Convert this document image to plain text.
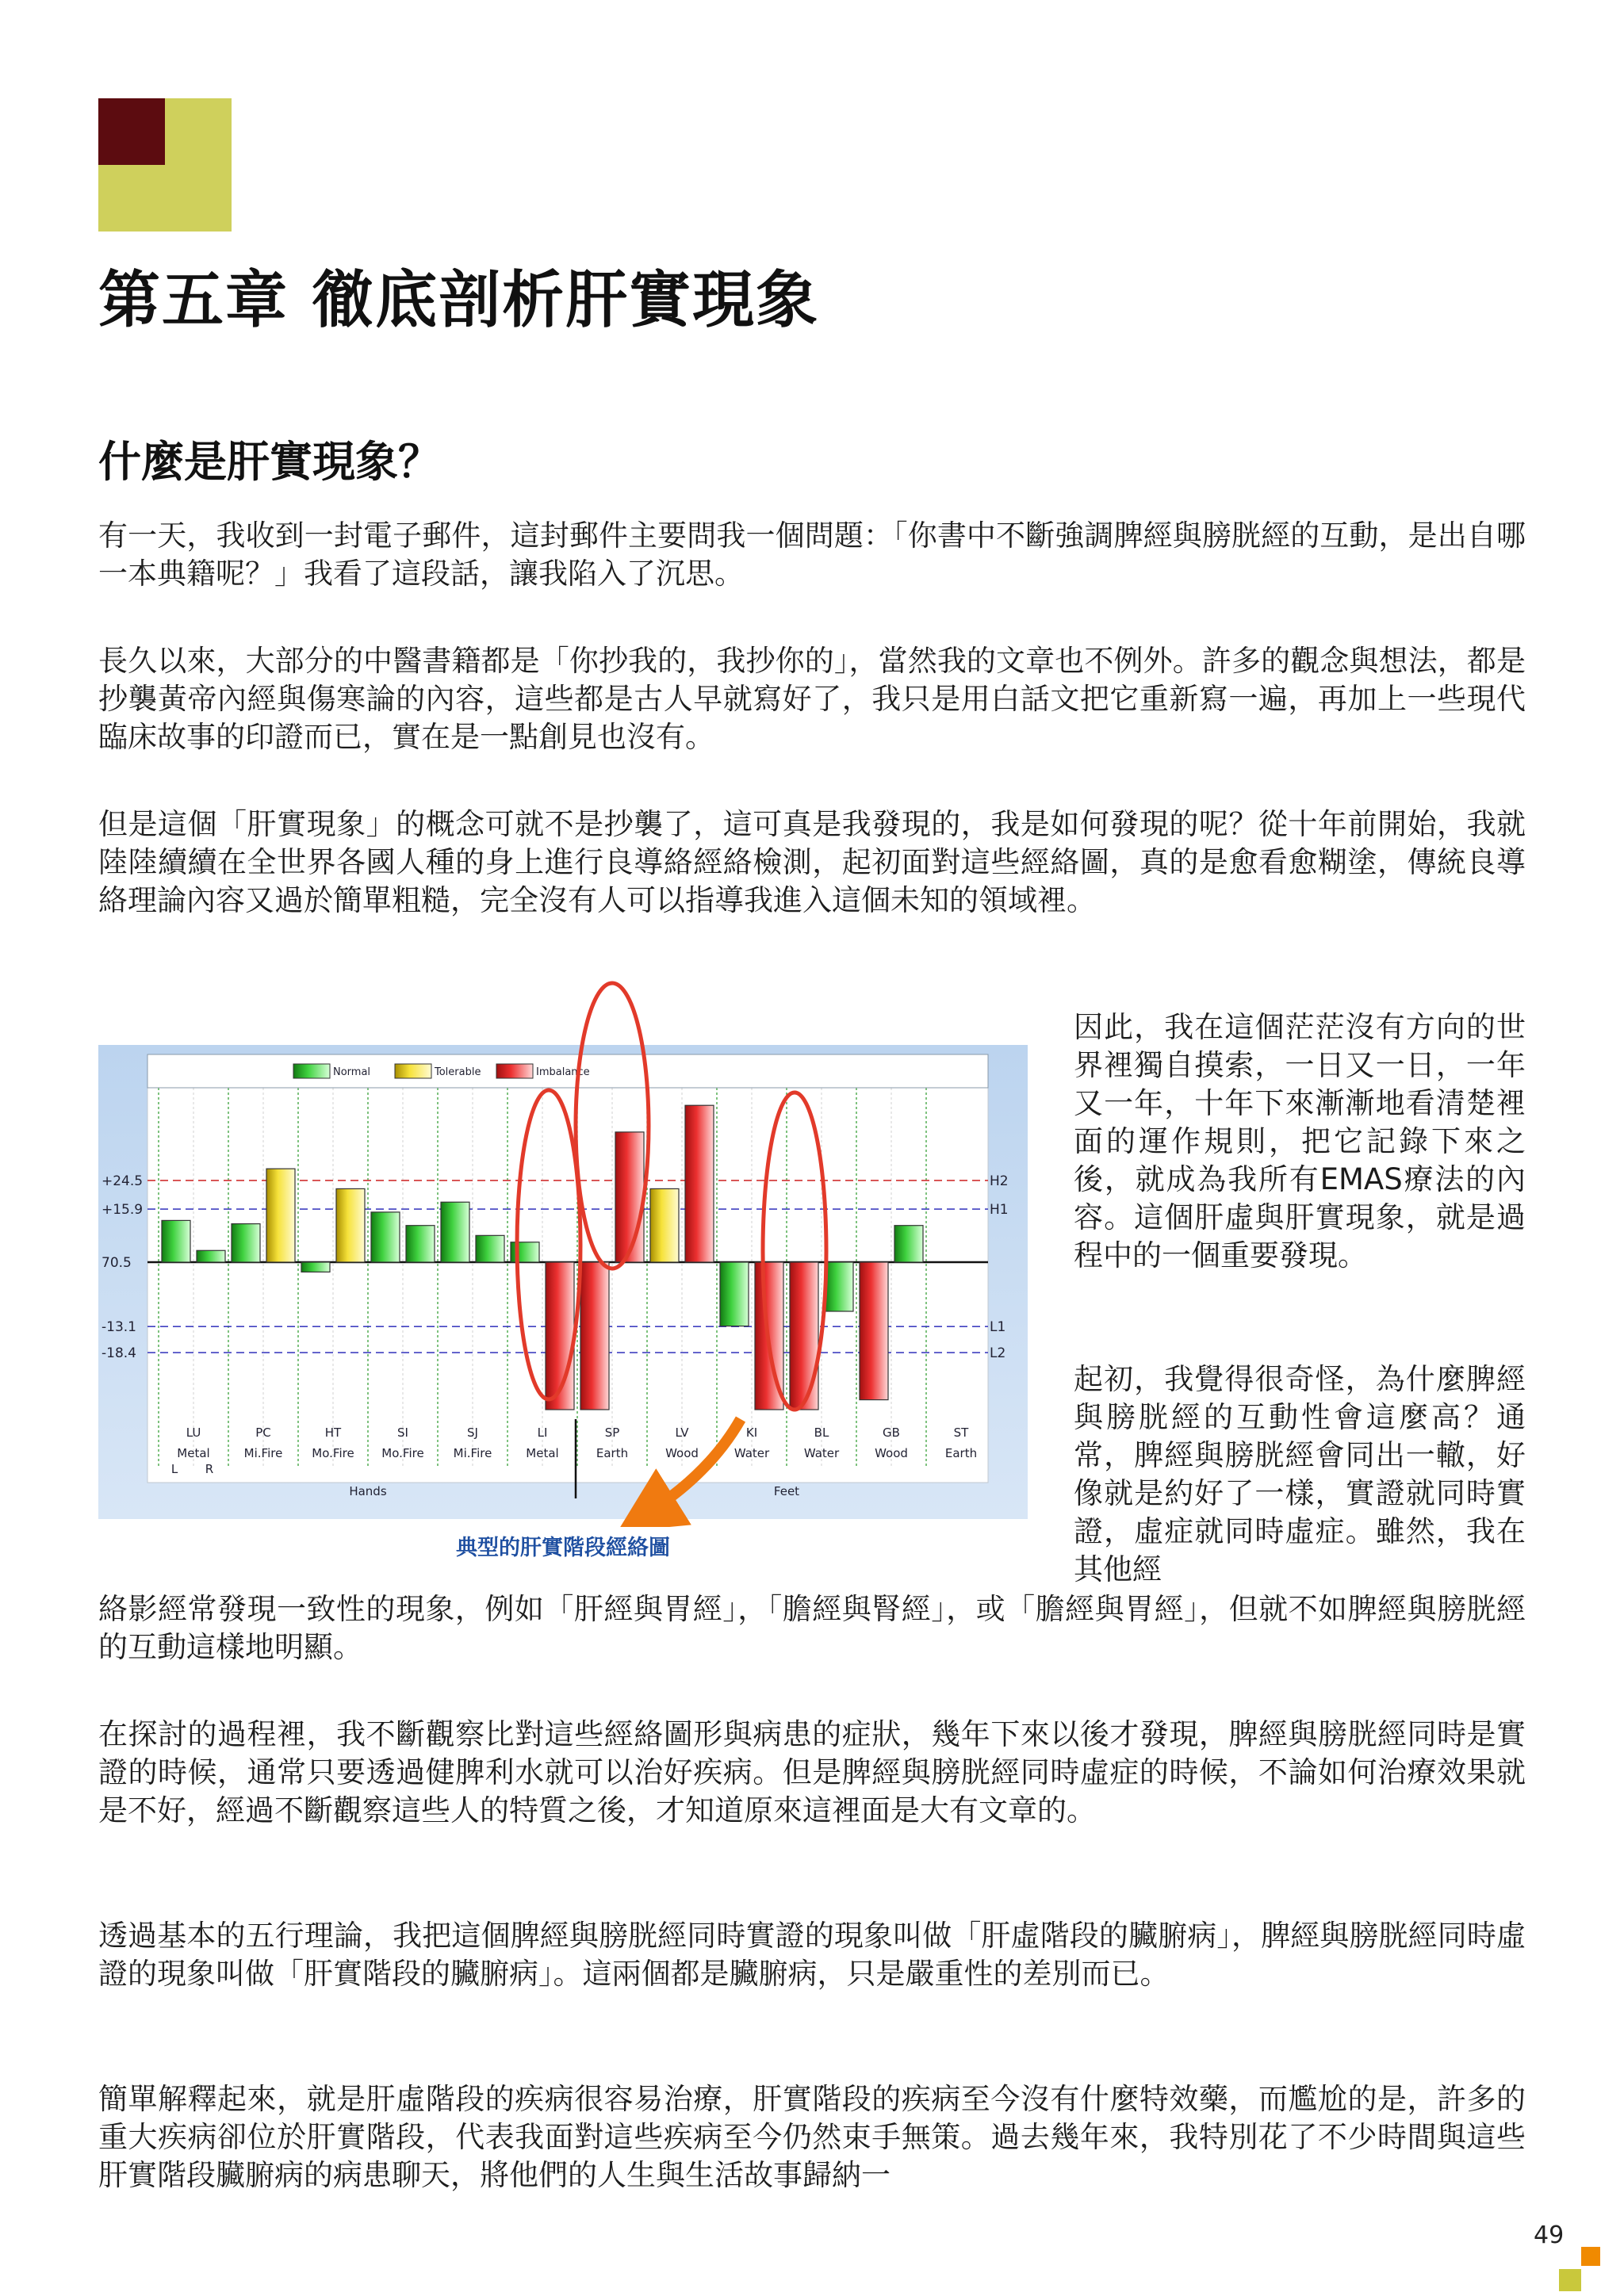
第五章 徹底剖析肝實現象
什麼是肝實現象？

有一天，我收到一封電子郵件，這封郵件主要問我一個問題：「你書中不斷強調脾經與膀胱經的互動，是出自哪一本典籍呢？」我看了這段話，讓我陷入了沉思。

長久以來，大部分的中醫書籍都是「你抄我的，我抄你的」，當然我的文章也不例外。許多的觀念與想法，都是抄襲黃帝內經與傷寒論的內容，這些都是古人早就寫好了，我只是用白話文把它重新寫一遍，再加上一些現代臨床故事的印證而已，實在是一點創見也沒有。

但是這個「肝實現象」的概念可就不是抄襲了，這可真是我發現的，我是如何發現的呢？從十年前開始，我就陸陸續續在全世界各國人種的身上進行良導絡經絡檢測，起初面對這些經絡圖，真的是愈看愈糊塗，傳統良導絡理論內容又過於簡單粗糙，完全沒有人可以指導我進入這個未知的領域裡。

因此，我在這個茫茫沒有方向的世界裡獨自摸索，一日又一日，一年又一年，十年下來漸漸地看清楚裡面的運作規則，把它記錄下來之後，就成為我所有EMAS療法的內容。這個肝虛與肝實現象，就是過程中的一個重要發現。

起初，我覺得很奇怪，為什麼脾經與膀胱經的互動性會這麼高？通常，脾經與膀胱經會同出一轍，好像就是約好了一樣，實證就同時實證，虛症就同時虛症。雖然，我在其他經

+24.5
+15.9
70.5
-13.1
-18.4
H2
H1
L1
L2
LU
Metal
PC
Mi.Fire
HT
Mo.Fire
SI
Mo.Fire
SJ
Mi.Fire
LI
Metal
SP
Earth
LV
Wood
KI
Water
BL
Water
GB
Wood
ST
Earth
L R
Hands	Feet
Normal	Tolerable	Imbalance
典型的肝實階段經絡圖

絡影經常發現一致性的現象，例如「肝經與胃經」，「膽經與腎經」，或「膽經與胃經」，但就不如脾經與膀胱經的互動這樣地明顯。

在探討的過程裡，我不斷觀察比對這些經絡圖形與病患的症狀，幾年下來以後才發現，脾經與膀胱經同時是實證的時候，通常只要透過健脾利水就可以治好疾病。但是脾經與膀胱經同時虛症的時候，不論如何治療效果就是不好，經過不斷觀察這些人的特質之後，才知道原來這裡面是大有文章的。

透過基本的五行理論，我把這個脾經與膀胱經同時實證的現象叫做「肝虛階段的臟腑病」，脾經與膀胱經同時虛證的現象叫做「肝實階段的臟腑病」。這兩個都是臟腑病，只是嚴重性的差別而已。

簡單解釋起來，就是肝虛階段的疾病很容易治療，肝實階段的疾病至今沒有什麼特效藥，而尷尬的是，許多的重大疾病卻位於肝實階段，代表我面對這些疾病至今仍然束手無策。過去幾年來，我特別花了不少時間與這些肝實階段臟腑病的病患聊天，將他們的人生與生活故事歸納一

49
